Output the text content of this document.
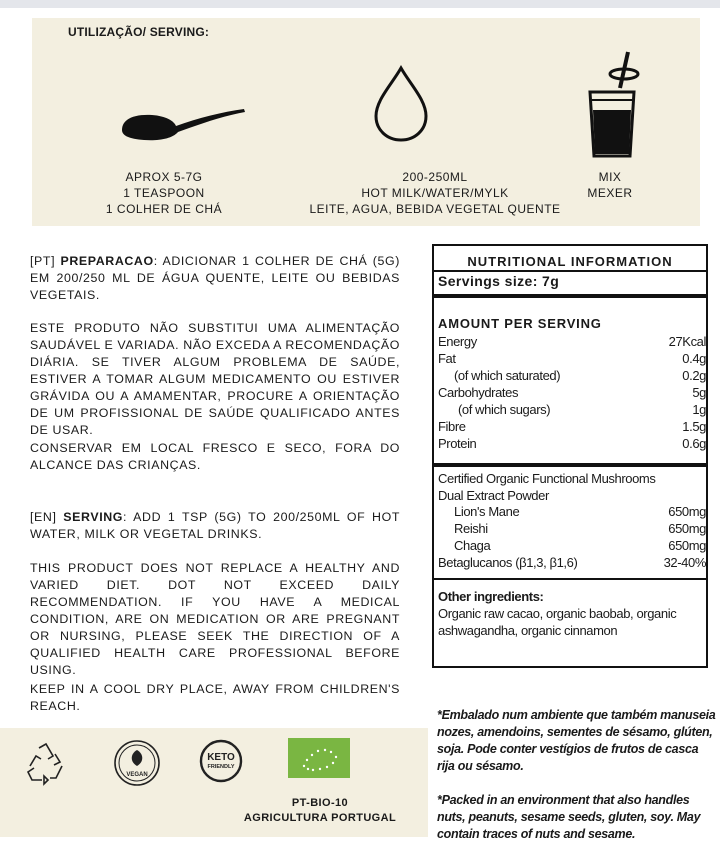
UTILIZAÇÃO/ SERVING:
APROX 5-7G
1 TEASPOON
1 COLHER DE CHÁ
200-250ML
HOT MILK/WATER/MYLK
LEITE, AGUA, BEBIDA VEGETAL QUENTE
MIX
MEXER

[PT] PREPARACAO: ADICIONAR 1 COLHER DE CHÁ (5G) EM 200/250 ML DE ÁGUA QUENTE, LEITE OU BEBIDAS VEGETAIS.

ESTE PRODUTO NÃO SUBSTITUI UMA ALIMENTAÇÃO SAUDÁVEL E VARIADA. NÃO EXCEDA A RECOMENDAÇÃO DIÁRIA. SE TIVER ALGUM PROBLEMA DE SAÚDE, ESTIVER A TOMAR ALGUM MEDICAMENTO OU ESTIVER GRÁVIDA OU A AMAMENTAR, PROCURE A ORIENTAÇÃO DE UM PROFISSIONAL DE SAÚDE QUALIFICADO ANTES DE USAR.
CONSERVAR EM LOCAL FRESCO E SECO, FORA DO ALCANCE DAS CRIANÇAS.

[EN] SERVING: ADD 1 TSP (5G) TO 200/250ML OF HOT WATER, MILK OR VEGETAL DRINKS.

THIS PRODUCT DOES NOT REPLACE A HEALTHY AND VARIED DIET. DOT NOT EXCEED DAILY RECOMMENDATION. IF YOU HAVE A MEDICAL CONDITION, ARE ON MEDICATION OR ARE PREGNANT OR NURSING, PLEASE SEEK THE DIRECTION OF A QUALIFIED HEALTH CARE PROFESSIONAL BEFORE USING.
KEEP IN A COOL DRY PLACE, AWAY FROM CHILDREN'S REACH.
VEGAN
KETO
FRIENDLY
PT-BIO-10
AGRICULTURA PORTUGAL
NUTRITIONAL INFORMATION
Servings size: 7g
AMOUNT PER SERVING
Energy	27Kcal
Fat	0.4g
(of which saturated)	0.2g
Carbohydrates	5g
(of which sugars)	1g
Fibre	1.5g
Protein	0.6g
Certified Organic Functional Mushrooms
Dual Extract Powder
Lion's Mane	650mg
Reishi	650mg
Chaga	650mg
Betaglucanos (β1,3, β1,6)	32-40%
Other ingredients:
Organic raw cacao, organic baobab, organic ashwagandha, organic cinnamon
*Embalado num ambiente que também manuseia nozes, amendoins, sementes de sésamo, glúten, soja. Pode conter vestígios de frutos de casca rija ou sésamo.
*Packed in an environment that also handles nuts, peanuts, sesame seeds, gluten, soy. May contain traces of nuts and sesame.
